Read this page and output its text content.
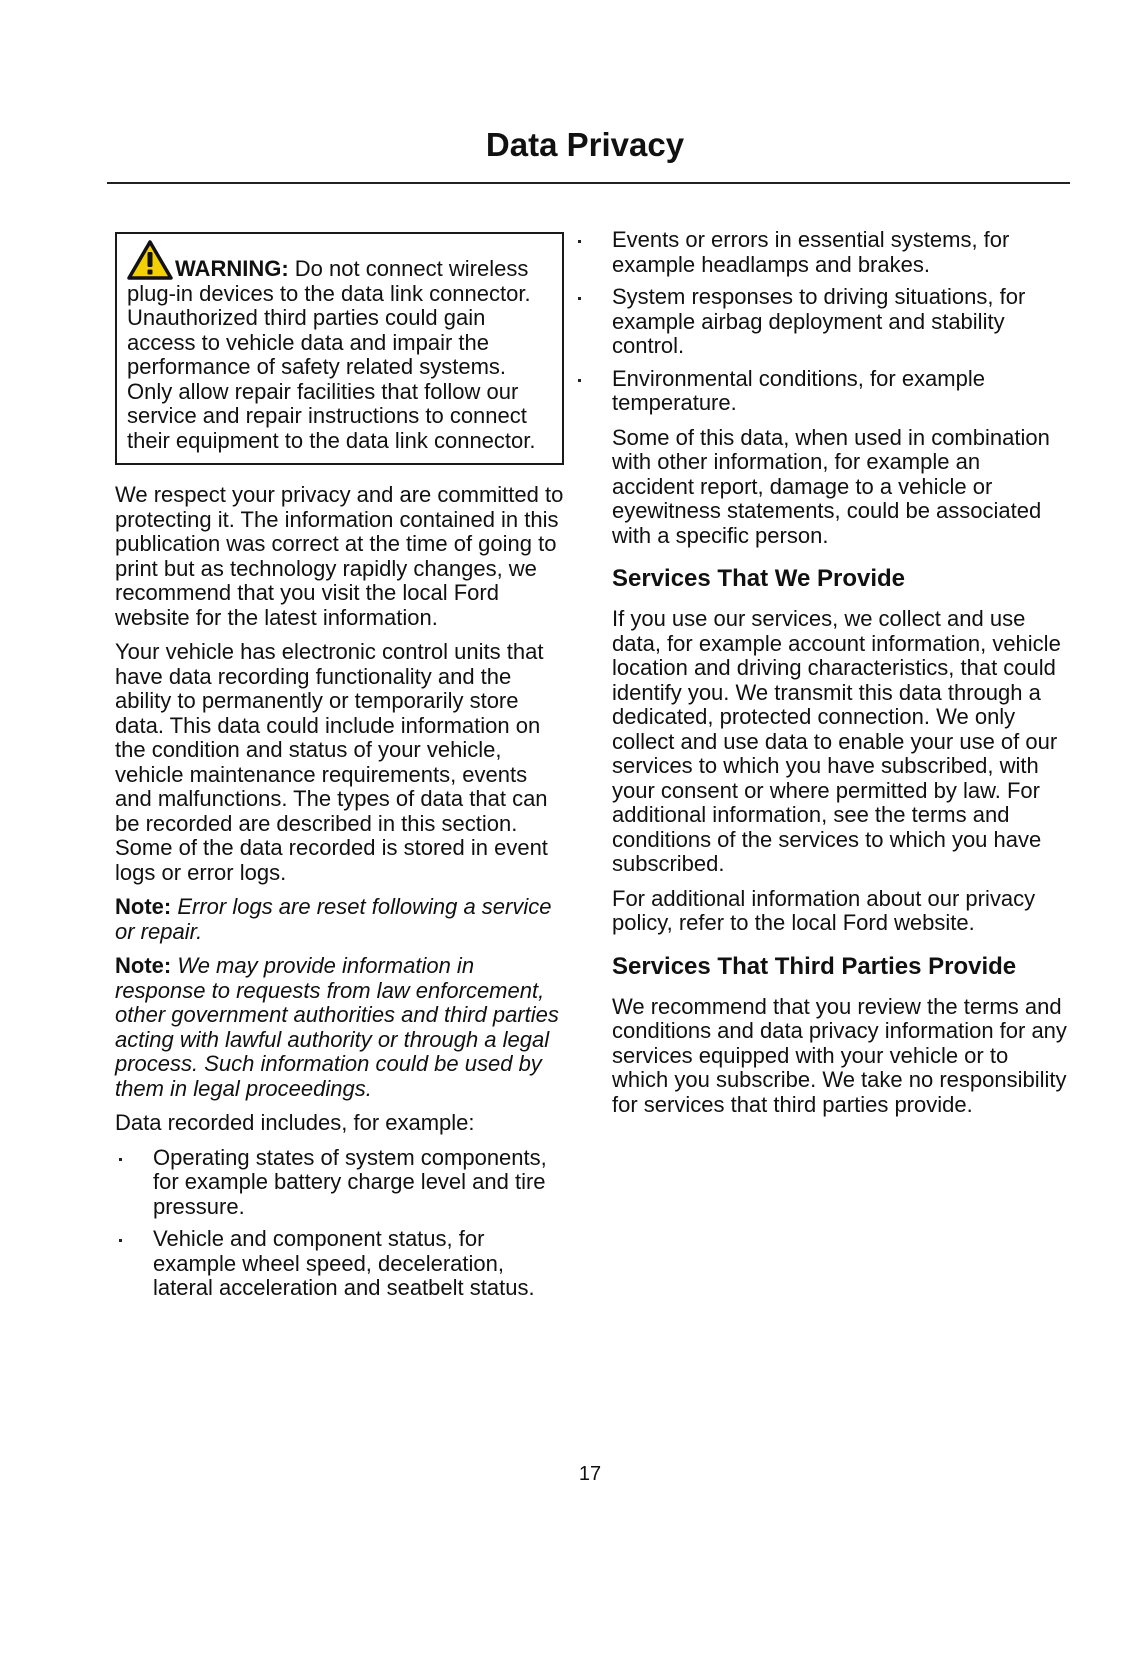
Data Privacy
WARNING: Do not connect wireless plug-in devices to the data link connector. Unauthorized third parties could gain access to vehicle data and impair the performance of safety related systems. Only allow repair facilities that follow our service and repair instructions to connect their equipment to the data link connector.

We respect your privacy and are committed to protecting it. The information contained in this publication was correct at the time of going to print but as technology rapidly changes, we recommend that you visit the local Ford website for the latest information.

Your vehicle has electronic control units that have data recording functionality and the ability to permanently or temporarily store data. This data could include information on the condition and status of your vehicle, vehicle maintenance requirements, events and malfunctions. The types of data that can be recorded are described in this section. Some of the data recorded is stored in event logs or error logs.

Note: Error logs are reset following a service or repair.

Note: We may provide information in response to requests from law enforcement, other government authorities and third parties acting with lawful authority or through a legal process. Such information could be used by them in legal proceedings.

Data recorded includes, for example:

Operating states of system components, for example battery charge level and tire pressure.
Vehicle and component status, for example wheel speed, deceleration, lateral acceleration and seatbelt status.
Events or errors in essential systems, for example headlamps and brakes.
System responses to driving situations, for example airbag deployment and stability control.
Environmental conditions, for example temperature.

Some of this data, when used in combination with other information, for example an accident report, damage to a vehicle or eyewitness statements, could be associated with a specific person.

Services That We Provide

If you use our services, we collect and use data, for example account information, vehicle location and driving characteristics, that could identify you. We transmit this data through a dedicated, protected connection. We only collect and use data to enable your use of our services to which you have subscribed, with your consent or where permitted by law. For additional information, see the terms and conditions of the services to which you have subscribed.

For additional information about our privacy policy, refer to the local Ford website.

Services That Third Parties Provide

We recommend that you review the terms and conditions and data privacy information for any services equipped with your vehicle or to which you subscribe. We take no responsibility for services that third parties provide.

17
